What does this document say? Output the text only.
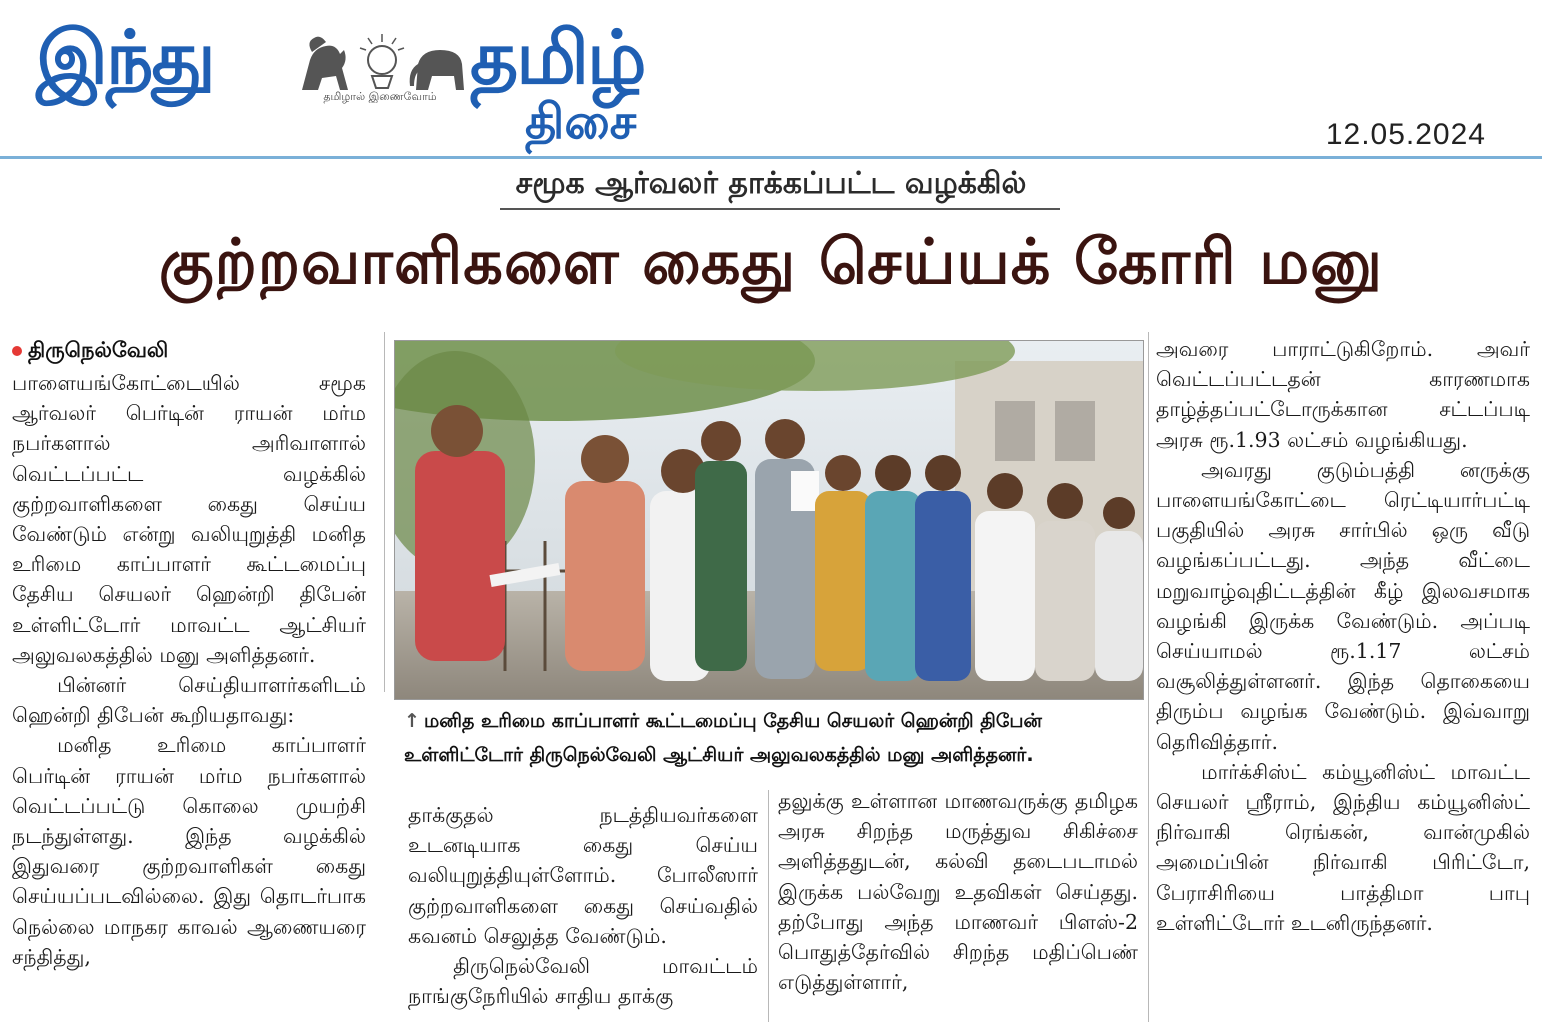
இந்து	தமிழால் இணைவோம் தமிழ்
திசை	12.05.2024
சமூக ஆர்வலர் தாக்கப்பட்ட வழக்கில்
குற்றவாளிகளை கைது செய்யக் கோரி மனு
திருநெல்வேலி

பாளையங்கோட்டையில் சமூக ஆர்வலர் பெர்டின் ராயன் மர்ம நபர்களால் அரிவாளால் வெட்டப்பட்ட வழக்கில் குற்றவாளிகளை கைது செய்ய வேண்டும் என்று வலியுறுத்தி மனித உரிமை காப்பாளர் கூட்டமைப்பு தேசிய செயலர் ஹென்றி திபேன் உள்ளிட்டோர் மாவட்ட ஆட்சியர் அலுவலகத்தில் மனு அளித்தனர்.

பின்னர் செய்தியாளர்களிடம் ஹென்றி திபேன் கூறியதாவது:

மனித உரிமை காப்பாளர் பெர்டின் ராயன் மர்ம நபர்களால் வெட்டப்பட்டு கொலை முயற்சி நடந்துள்ளது. இந்த வழக்கில் இதுவரை குற்றவாளிகள் கைது செய்யப்படவில்லை. இது தொடர்பாக நெல்லை மாநகர காவல் ஆணையரை சந்தித்து,

↑ மனித உரிமை காப்பாளர் கூட்டமைப்பு தேசிய செயலர் ஹென்றி திபேன் உள்ளிட்டோர் திருநெல்வேலி ஆட்சியர் அலுவலகத்தில் மனு அளித்தனர்.

தாக்குதல் நடத்தியவர்களை உடனடியாக கைது செய்ய வலியுறுத்தியுள்ளோம். போலீஸார் குற்றவாளிகளை கைது செய்வதில் கவனம் செலுத்த வேண்டும்.

திருநெல்வேலி மாவட்டம் நாங்குநேரியில் சாதிய தாக்கு

தலுக்கு உள்ளான மாணவருக்கு தமிழக அரசு சிறந்த மருத்துவ சிகிச்சை அளித்ததுடன், கல்வி தடைபடாமல் இருக்க பல்வேறு உதவிகள் செய்தது. தற்போது அந்த மாணவர் பிளஸ்-2 பொதுத்தேர்வில் சிறந்த மதிப்பெண் எடுத்துள்ளார்,

அவரை பாராட்டுகிறோம். அவர் வெட்டப்பட்டதன் காரணமாக தாழ்த்தப்பட்டோருக்கான சட்டப்படி அரசு ரூ.1.93 லட்சம் வழங்கியது.

அவரது குடும்பத்தி னருக்கு பாளையங்கோட்டை ரெட்டியார்பட்டி பகுதியில் அரசு சார்பில் ஒரு வீடு வழங்கப்பட்டது. அந்த வீட்டை மறுவாழ்வுதிட்டத்தின் கீழ் இலவசமாக வழங்கி இருக்க வேண்டும். அப்படி செய்யாமல் ரூ.1.17 லட்சம் வசூலித்துள்ளனர். இந்த தொகையை திரும்ப வழங்க வேண்டும். இவ்வாறு தெரிவித்தார்.

மார்க்சிஸ்ட் கம்யூனிஸ்ட் மாவட்ட செயலர் ஸ்ரீராம், இந்திய கம்யூனிஸ்ட் நிர்வாகி ரெங்கன், வான்முகில் அமைப்பின் நிர்வாகி பிரிட்டோ, பேராசிரியை பாத்திமா பாபு உள்ளிட்டோர் உடனிருந்தனர்.
